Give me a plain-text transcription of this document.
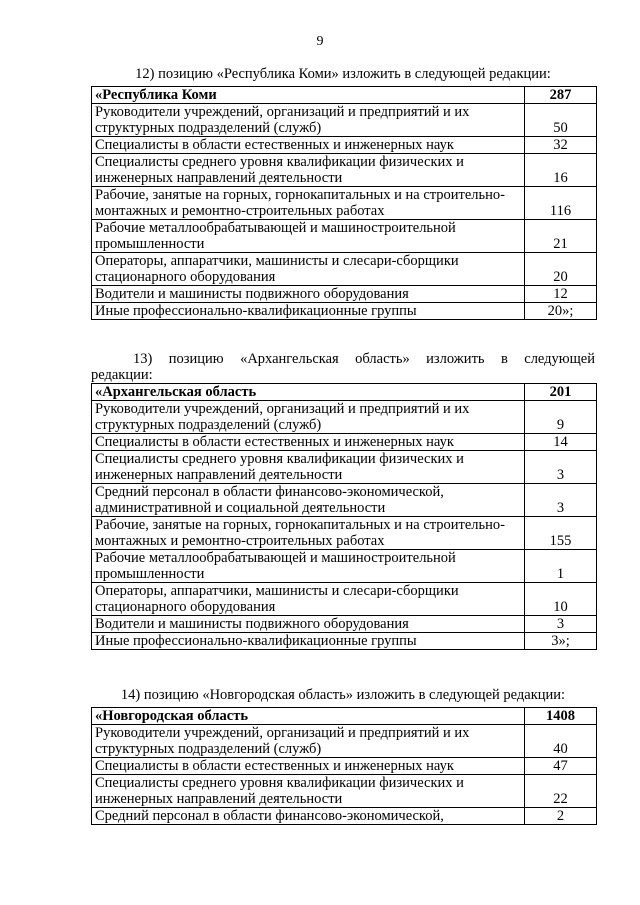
9
12) позицию «Республика Коми» изложить в следующей редакции:
«Республика Коми	287
Руководители учреждений, организаций и предприятий и их структурных подразделений (служб)	50
Специалисты в области естественных и инженерных наук	32
Специалисты среднего уровня квалификации физических и инженерных направлений деятельности	16
Рабочие, занятые на горных, горнокапитальных и на строительно-монтажных и ремонтно-строительных работах	116
Рабочие металлообрабатывающей и машиностроительной промышленности	21
Операторы, аппаратчики, машинисты и слесари-сборщики стационарного оборудования	20
Водители и машинисты подвижного оборудования	12
Иные профессионально-квалификационные группы	20»;
13) позицию «Архангельская область» изложить в следующей
редакции:
«Архангельская область	201
Руководители учреждений, организаций и предприятий и их структурных подразделений (служб)	9
Специалисты в области естественных и инженерных наук	14
Специалисты среднего уровня квалификации физических и инженерных направлений деятельности	3
Средний персонал в области финансово-экономической, административной и социальной деятельности	3
Рабочие, занятые на горных, горнокапитальных и на строительно-монтажных и ремонтно-строительных работах	155
Рабочие металлообрабатывающей и машиностроительной промышленности	1
Операторы, аппаратчики, машинисты и слесари-сборщики стационарного оборудования	10
Водители и машинисты подвижного оборудования	3
Иные профессионально-квалификационные группы	3»;
14) позицию «Новгородская область» изложить в следующей редакции:
«Новгородская область	1408
Руководители учреждений, организаций и предприятий и их структурных подразделений (служб)	40
Специалисты в области естественных и инженерных наук	47
Специалисты среднего уровня квалификации физических и инженерных направлений деятельности	22
Средний персонал в области финансово-экономической,	2
